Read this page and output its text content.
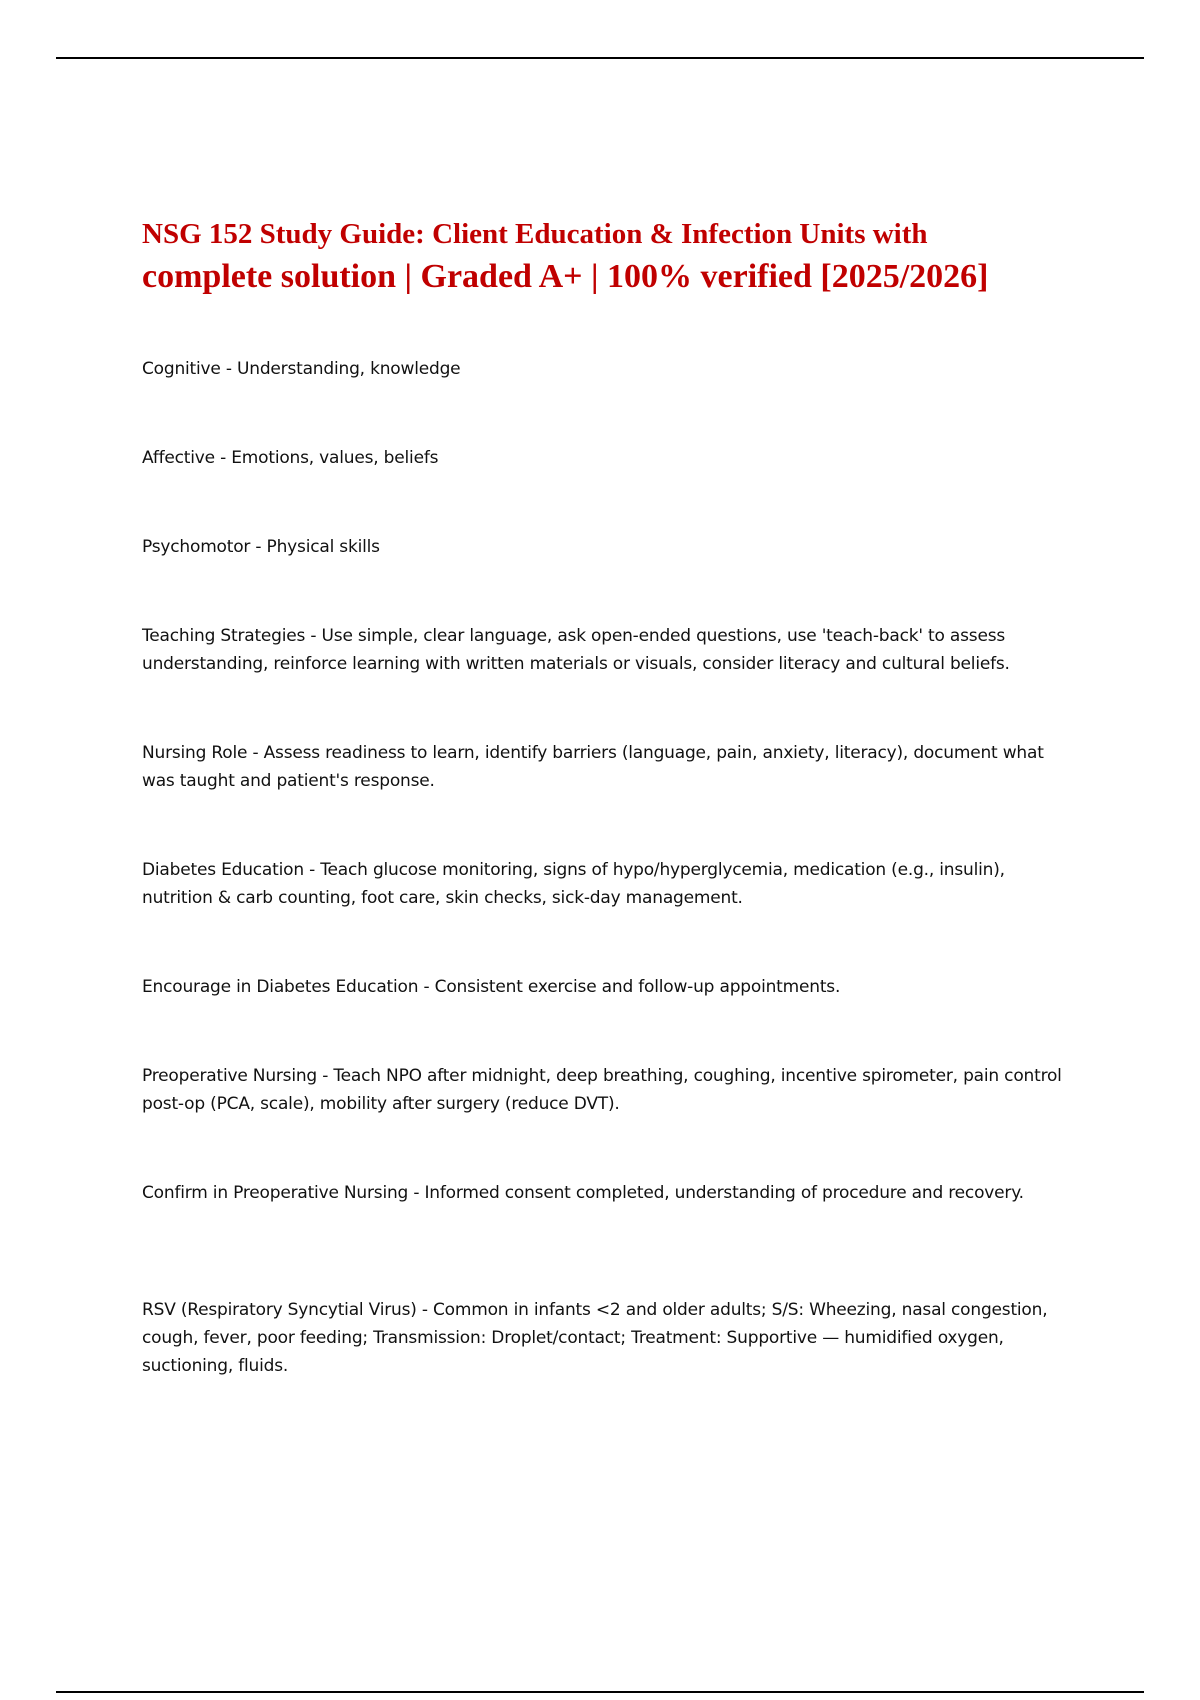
NSG 152 Study Guide: Client Education & Infection Units with
complete solution | Graded A+ | 100% verified [2025/2026]

Cognitive - Understanding, knowledge

Affective - Emotions, values, beliefs

Psychomotor - Physical skills

Teaching Strategies - Use simple, clear language, ask open-ended questions, use 'teach-back' to assess understanding, reinforce learning with written materials or visuals, consider literacy and cultural beliefs.

Nursing Role - Assess readiness to learn, identify barriers (language, pain, anxiety, literacy), document what was taught and patient's response.

Diabetes Education - Teach glucose monitoring, signs of hypo/hyperglycemia, medication (e.g., insulin), nutrition & carb counting, foot care, skin checks, sick-day management.

Encourage in Diabetes Education - Consistent exercise and follow-up appointments.

Preoperative Nursing - Teach NPO after midnight, deep breathing, coughing, incentive spirometer, pain control post-op (PCA, scale), mobility after surgery (reduce DVT).

Confirm in Preoperative Nursing - Informed consent completed, understanding of procedure and recovery.

RSV (Respiratory Syncytial Virus) - Common in infants <2 and older adults; S/S: Wheezing, nasal congestion, cough, fever, poor feeding; Transmission: Droplet/contact; Treatment: Supportive — humidified oxygen, suctioning, fluids.
